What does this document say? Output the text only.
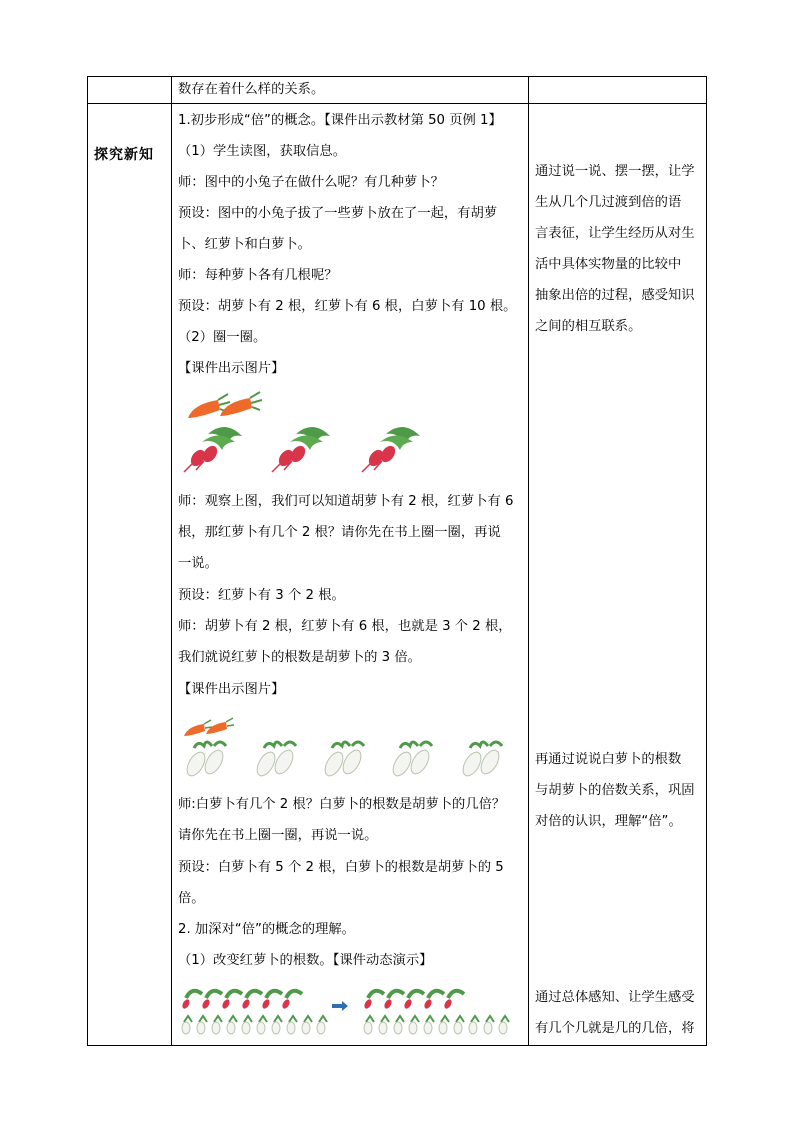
数存在着什么样的关系。
探究新知
1.初步形成“倍”的概念。【课件出示教材第 50 页例 1】
（1）学生读图，获取信息。
师：图中的小兔子在做什么呢？有几种萝卜？
预设：图中的小兔子拔了一些萝卜放在了一起，有胡萝
卜、红萝卜和白萝卜。
师：每种萝卜各有几根呢？
预设：胡萝卜有 2 根，红萝卜有 6 根，白萝卜有 10 根。
（2）圈一圈。
【课件出示图片】
师：观察上图，我们可以知道胡萝卜有 2 根，红萝卜有 6
根，那红萝卜有几个 2 根？请你先在书上圈一圈，再说
一说。
预设：红萝卜有 3 个 2 根。
师：胡萝卜有 2 根，红萝卜有 6 根，也就是 3 个 2 根，
我们就说红萝卜的根数是胡萝卜的 3 倍。
【课件出示图片】
师:白萝卜有几个 2 根？白萝卜的根数是胡萝卜的几倍？
请你先在书上圈一圈，再说一说。
预设：白萝卜有 5 个 2 根，白萝卜的根数是胡萝卜的 5
倍。
2. 加深对“倍”的概念的理解。
（1）改变红萝卜的根数。【课件动态演示】
通过说一说、摆一摆，让学
生从几个几过渡到倍的语
言表征，让学生经历从对生
活中具体实物量的比较中
抽象出倍的过程，感受知识
之间的相互联系。
再通过说说白萝卜的根数
与胡萝卜的倍数关系，巩固
对倍的认识，理解“倍”。
通过总体感知、让学生感受
有几个几就是几的几倍，将
